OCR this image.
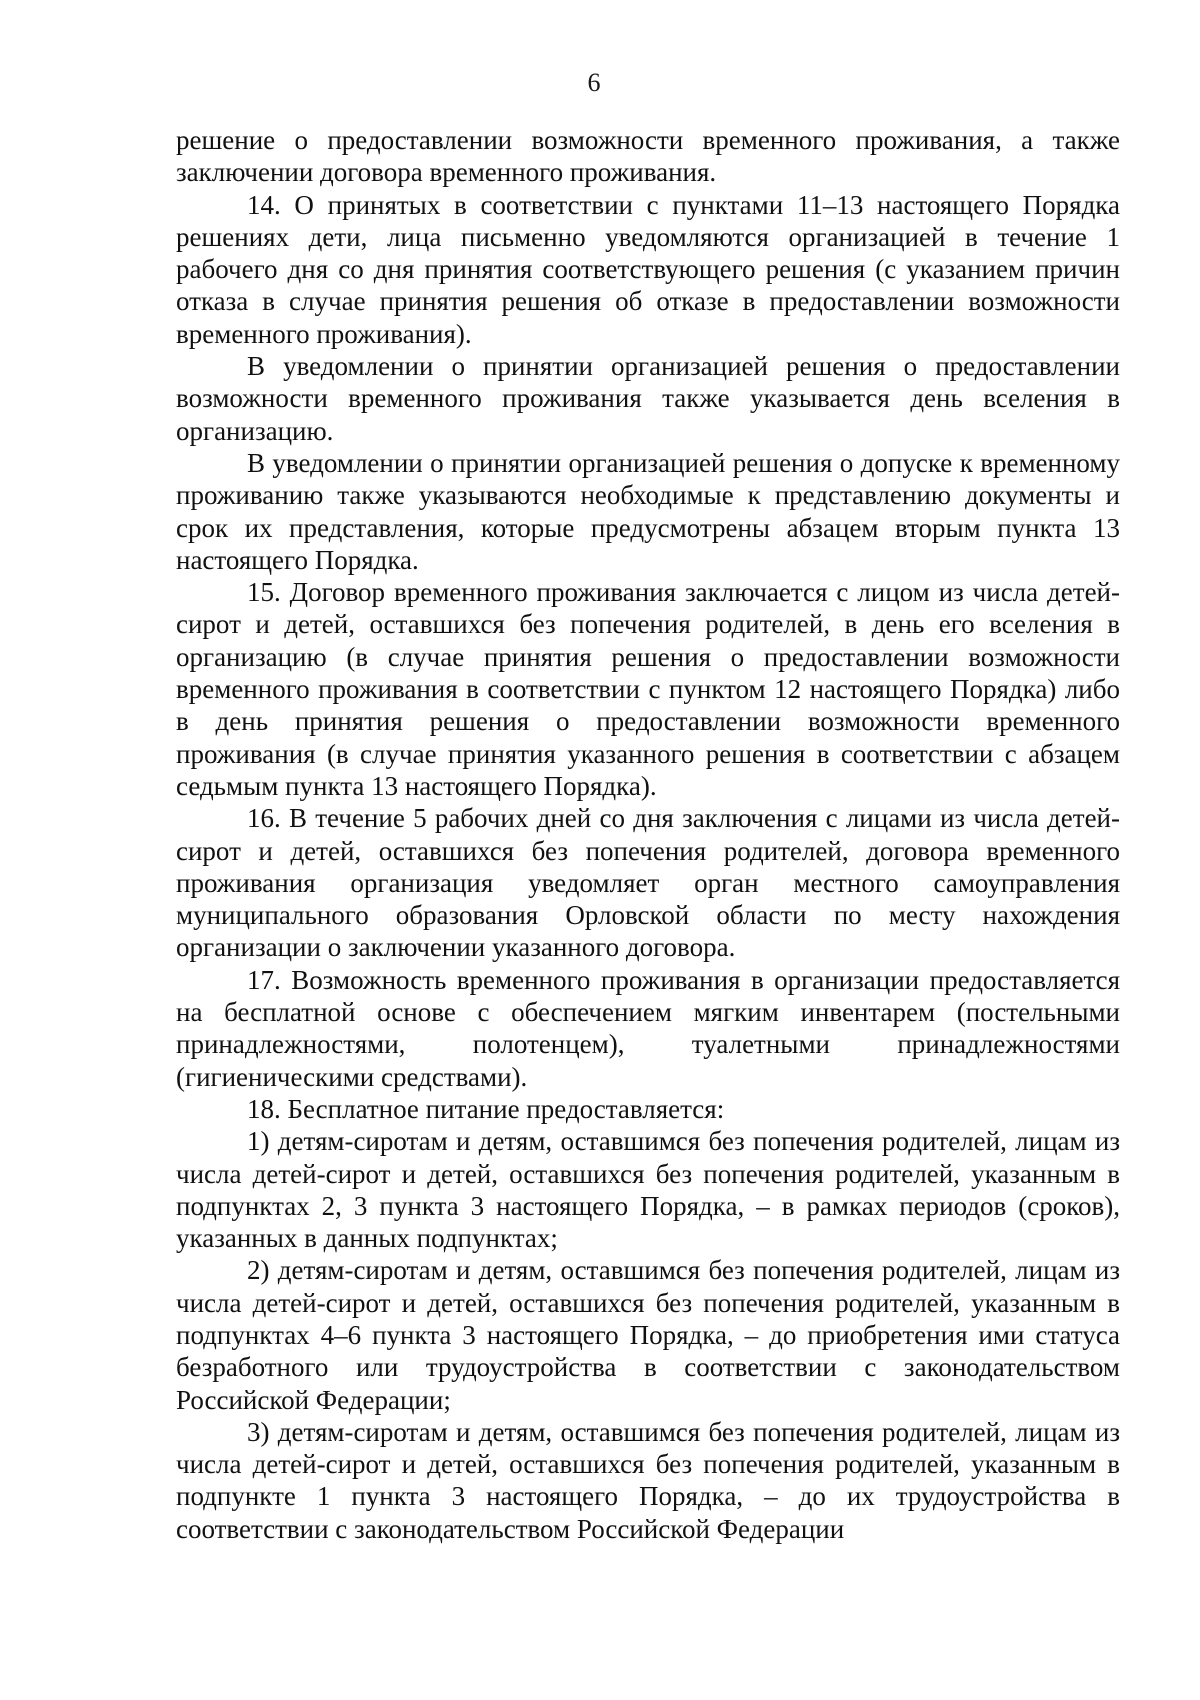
6

решение о предоставлении возможности временного проживания, а также заключении договора временного проживания.

14. О принятых в соответствии с пунктами 11–13 настоящего Порядка решениях дети, лица письменно уведомляются организацией в течение 1 рабочего дня со дня принятия соответствующего решения (с указанием причин отказа в случае принятия решения об отказе в предоставлении возможности временного проживания).

В уведомлении о принятии организацией решения о предоставлении возможности временного проживания также указывается день вселения в организацию.

В уведомлении о принятии организацией решения о допуске к временному проживанию также указываются необходимые к представлению документы и срок их представления, которые предусмотрены абзацем вторым пункта 13 настоящего Порядка.

15. Договор временного проживания заключается с лицом из числа детей-сирот и детей, оставшихся без попечения родителей, в день его вселения в организацию (в случае принятия решения о предоставлении возможности временного проживания в соответствии с пунктом 12 настоящего Порядка) либо в день принятия решения о предоставлении возможности временного проживания (в случае принятия указанного решения в соответствии с абзацем седьмым пункта 13 настоящего Порядка).

16. В течение 5 рабочих дней со дня заключения с лицами из числа детей-сирот и детей, оставшихся без попечения родителей, договора временного проживания организация уведомляет орган местного самоуправления муниципального образования Орловской области по месту нахождения организации о заключении указанного договора.

17. Возможность временного проживания в организации предоставляется на бесплатной основе с обеспечением мягким инвентарем (постельными принадлежностями, полотенцем), туалетными принадлежностями (гигиеническими средствами).

18. Бесплатное питание предоставляется:

1) детям-сиротам и детям, оставшимся без попечения родителей, лицам из числа детей-сирот и детей, оставшихся без попечения родителей, указанным в подпунктах 2, 3 пункта 3 настоящего Порядка, – в рамках периодов (сроков), указанных в данных подпунктах;

2) детям-сиротам и детям, оставшимся без попечения родителей, лицам из числа детей-сирот и детей, оставшихся без попечения родителей, указанным в подпунктах 4–6 пункта 3 настоящего Порядка, – до приобретения ими статуса безработного или трудоустройства в соответствии с законодательством Российской Федерации;

3) детям-сиротам и детям, оставшимся без попечения родителей, лицам из числа детей-сирот и детей, оставшихся без попечения родителей, указанным в подпункте 1 пункта 3 настоящего Порядка, – до их трудоустройства в соответствии с законодательством Российской Федерации
